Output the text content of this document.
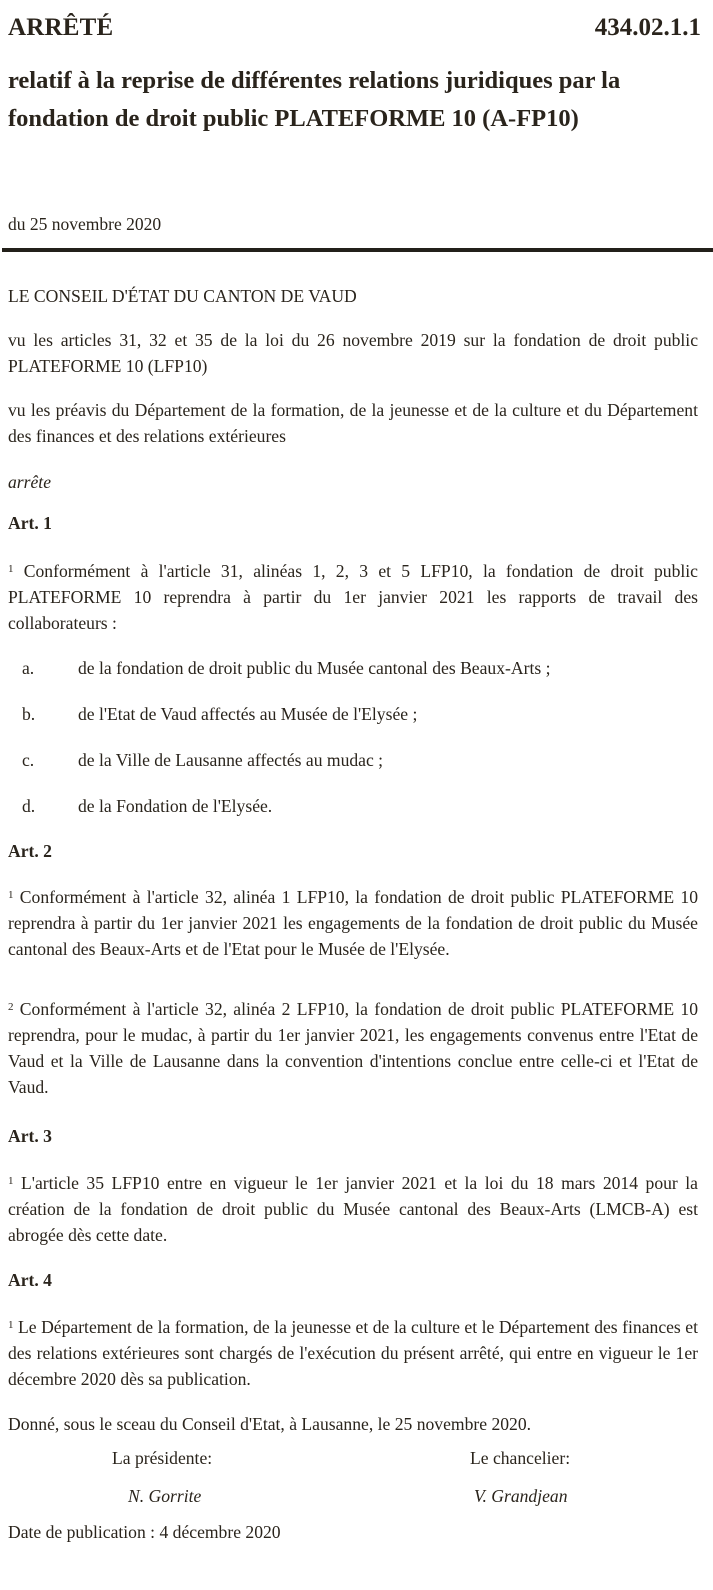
ARRÊTÉ	434.02.1.1
relatif à la reprise de différentes relations juridiques par la fondation de droit public PLATEFORME 10 (A-FP10)
du 25 novembre 2020
LE CONSEIL D'ÉTAT DU CANTON DE VAUD
vu les articles 31, 32 et 35 de la loi du 26 novembre 2019 sur la fondation de droit public PLATEFORME 10 (LFP10)
vu les préavis du Département de la formation, de la jeunesse et de la culture et du Département des finances et des relations extérieures
arrête
Art. 1
$^1$ Conformément à l'article 31, alinéas 1, 2, 3 et 5 LFP10, la fondation de droit public PLATEFORME 10 reprendra à partir du 1er janvier 2021 les rapports de travail des collaborateurs :
a. de la fondation de droit public du Musée cantonal des Beaux-Arts ;
b. de l'Etat de Vaud affectés au Musée de l'Elysée ;
c. de la Ville de Lausanne affectés au mudac ;
d. de la Fondation de l'Elysée.
Art. 2
$^1$ Conformément à l'article 32, alinéa 1 LFP10, la fondation de droit public PLATEFORME 10 reprendra à partir du 1er janvier 2021 les engagements de la fondation de droit public du Musée cantonal des Beaux-Arts et de l'Etat pour le Musée de l'Elysée.
$^2$ Conformément à l'article 32, alinéa 2 LFP10, la fondation de droit public PLATEFORME 10 reprendra, pour le mudac, à partir du 1er janvier 2021, les engagements convenus entre l'Etat de Vaud et la Ville de Lausanne dans la convention d'intentions conclue entre celle-ci et l'Etat de Vaud.
Art. 3
$^1$ L'article 35 LFP10 entre en vigueur le 1er janvier 2021 et la loi du 18 mars 2014 pour la création de la fondation de droit public du Musée cantonal des Beaux-Arts (LMCB-A) est abrogée dès cette date.
Art. 4
$^1$ Le Département de la formation, de la jeunesse et de la culture et le Département des finances et des relations extérieures sont chargés de l'exécution du présent arrêté, qui entre en vigueur le 1er décembre 2020 dès sa publication.
Donné, sous le sceau du Conseil d'Etat, à Lausanne, le 25 novembre 2020.
La présidente:	Le chancelier:
N. Gorrite	V. Grandjean
Date de publication : 4 décembre 2020
